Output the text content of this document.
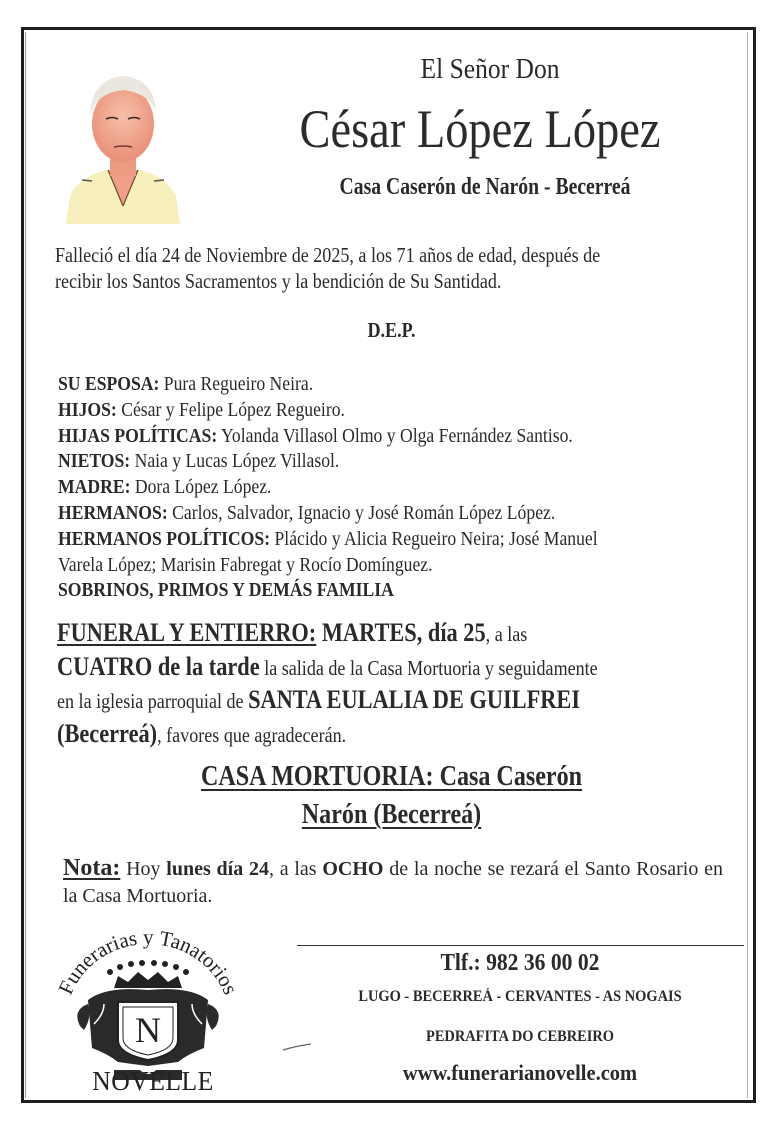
El Señor Don
César López López
Casa Caserón de Narón - Becerreá
Falleció el día 24 de Noviembre de 2025, a los 71 años de edad, después de
recibir los Santos Sacramentos y la bendición de Su Santidad.
D.E.P.
SU ESPOSA: Pura Regueiro Neira.
HIJOS: César y Felipe López Regueiro.
HIJAS POLÍTICAS: Yolanda Villasol Olmo y Olga Fernández Santiso.
NIETOS: Naia y Lucas López Villasol.
MADRE: Dora López López.
HERMANOS: Carlos, Salvador, Ignacio y José Román López López.
HERMANOS POLÍTICOS: Plácido y Alicia Regueiro Neira; José Manuel
Varela López; Marisin Fabregat y Rocío Domínguez.
SOBRINOS, PRIMOS Y DEMÁS FAMILIA
FUNERAL Y ENTIERRO: MARTES, día 25, a las
CUATRO de la tarde la salida de la Casa Mortuoria y seguidamente
en la iglesia parroquial de SANTA EULALIA DE GUILFREI
(Becerreá), favores que agradecerán.
CASA MORTUORIA: Casa Caserón
Narón (Becerreá)
Nota: Hoy lunes día 24, a las OCHO de la noche se rezará el Santo Rosario en la Casa Mortuoria.
Funerarias y Tanatorios
N
NOVELLE
Tlf.: 982 36 00 02
LUGO - BECERREÁ - CERVANTES - AS NOGAIS
PEDRAFITA DO CEBREIRO
www.funerarianovelle.com
